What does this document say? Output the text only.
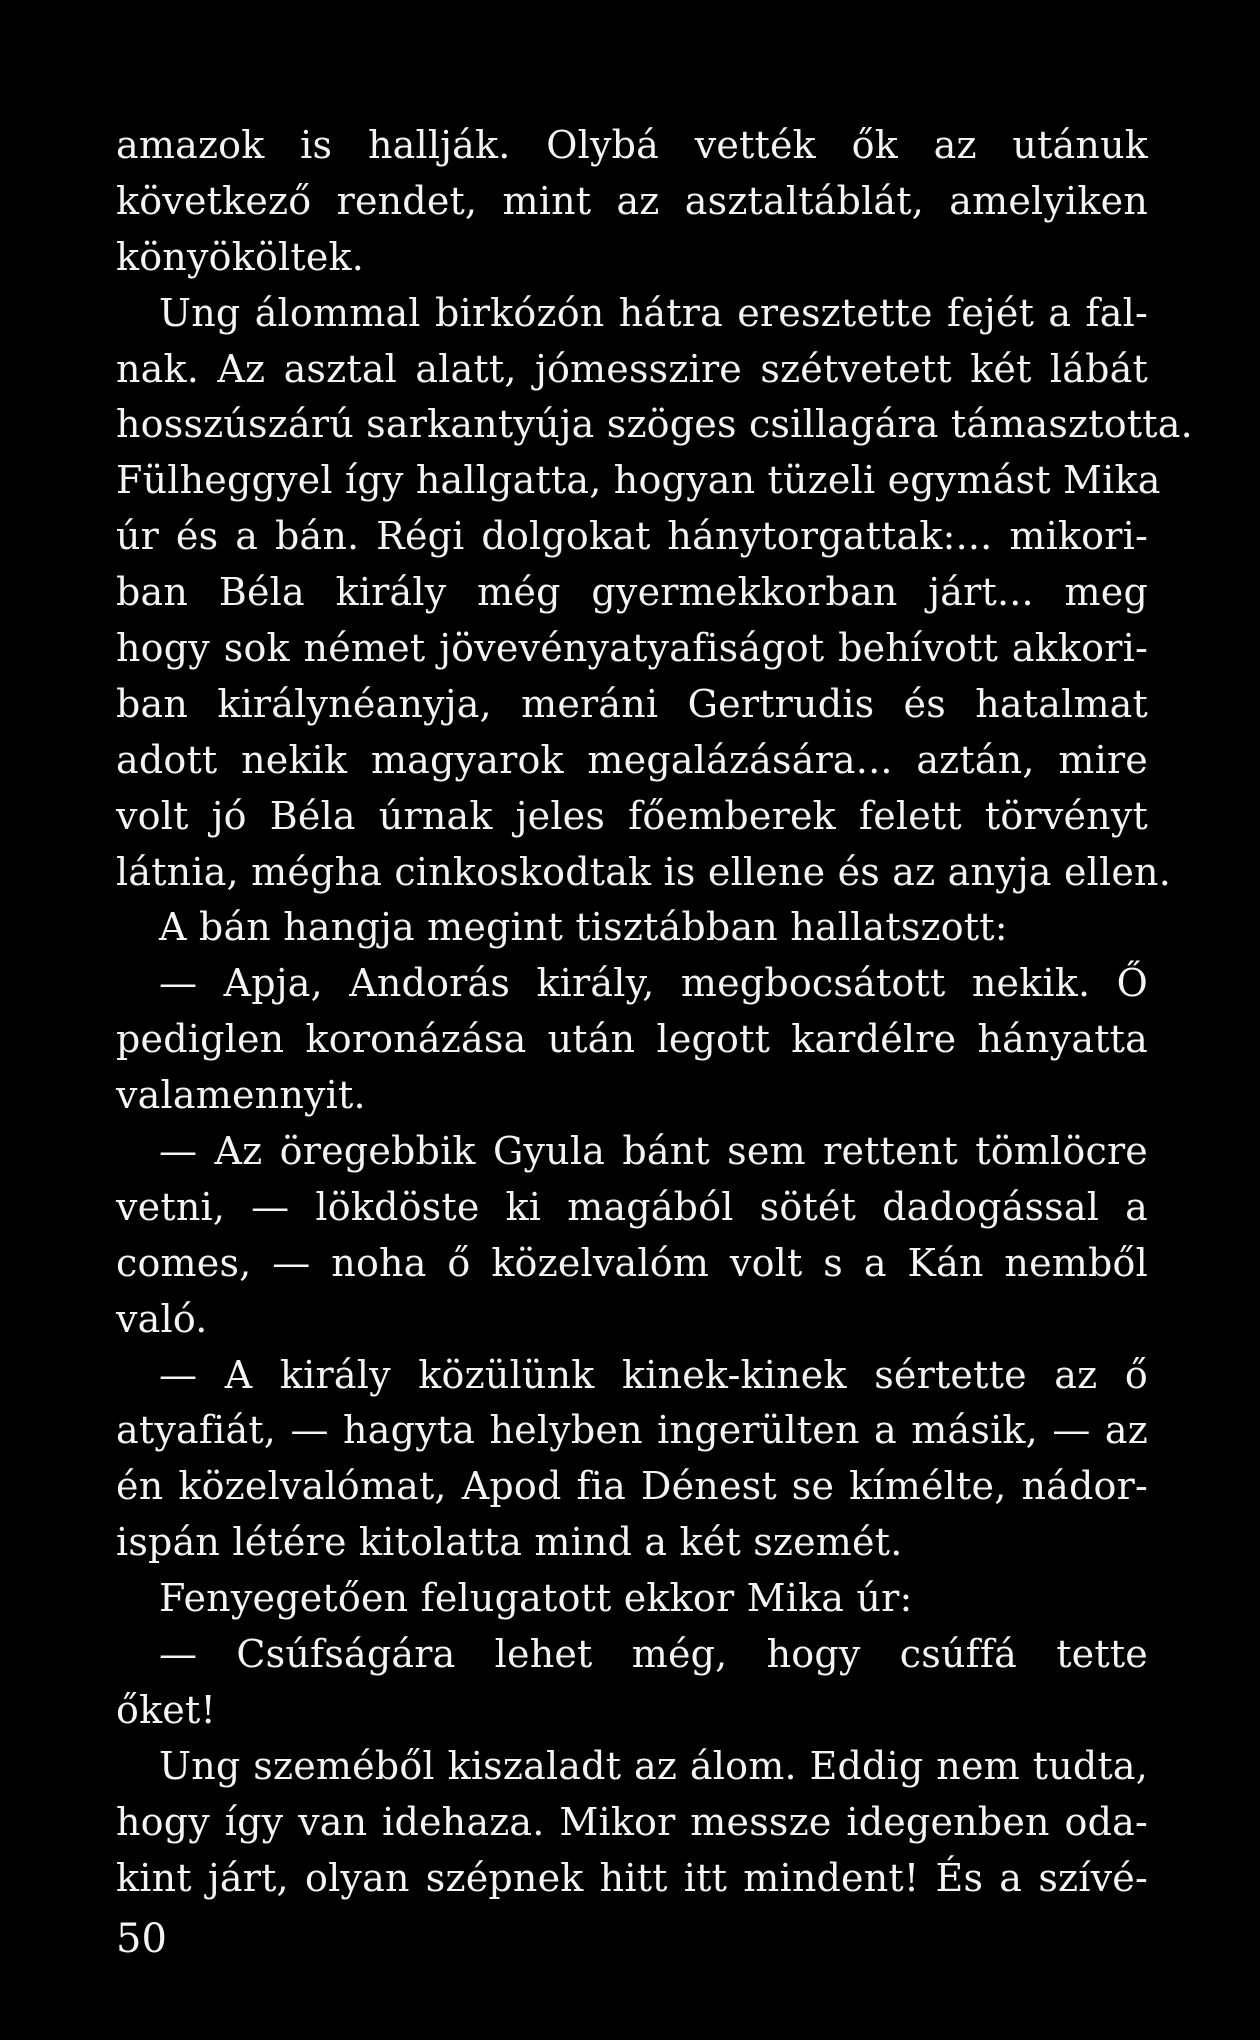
amazok is hallják. Olybá vették ők az utánuk
következő rendet, mint az asztaltáblát, amelyiken
könyököltek.
Ung álommal birkózón hátra eresztette fejét a fal-
nak. Az asztal alatt, jómesszire szétvetett két lábát
hosszúszárú sarkantyúja szöges csillagára támasztotta.
Fülheggyel így hallgatta, hogyan tüzeli egymást Mika
úr és a bán. Régi dolgokat hánytorgattak:... mikori-
ban Béla király még gyermekkorban járt... meg
hogy sok német jövevényatyafiságot behívott akkori-
ban királynéanyja, meráni Gertrudis és hatalmat
adott nekik magyarok megalázására... aztán, mire
volt jó Béla úrnak jeles főemberek felett törvényt
látnia, mégha cinkoskodtak is ellene és az anyja ellen.
A bán hangja megint tisztábban hallatszott:
— Apja, Andorás király, megbocsátott nekik. Ő
pediglen koronázása után legott kardélre hányatta
valamennyit.
— Az öregebbik Gyula bánt sem rettent tömlöcre
vetni, — lökdöste ki magából sötét dadogással a
comes, — noha ő közelvalóm volt s a Kán nemből
való.
— A király közülünk kinek-kinek sértette az ő
atyafiát, — hagyta helyben ingerülten a másik, — az
én közelvalómat, Apod fia Dénest se kímélte, nádor-
ispán létére kitolatta mind a két szemét.
Fenyegetően felugatott ekkor Mika úr:
— Csúfságára lehet még, hogy csúffá tette
őket!
Ung szeméből kiszaladt az álom. Eddig nem tudta,
hogy így van idehaza. Mikor messze idegenben oda-
kint járt, olyan szépnek hitt itt mindent! És a szívé-
50
